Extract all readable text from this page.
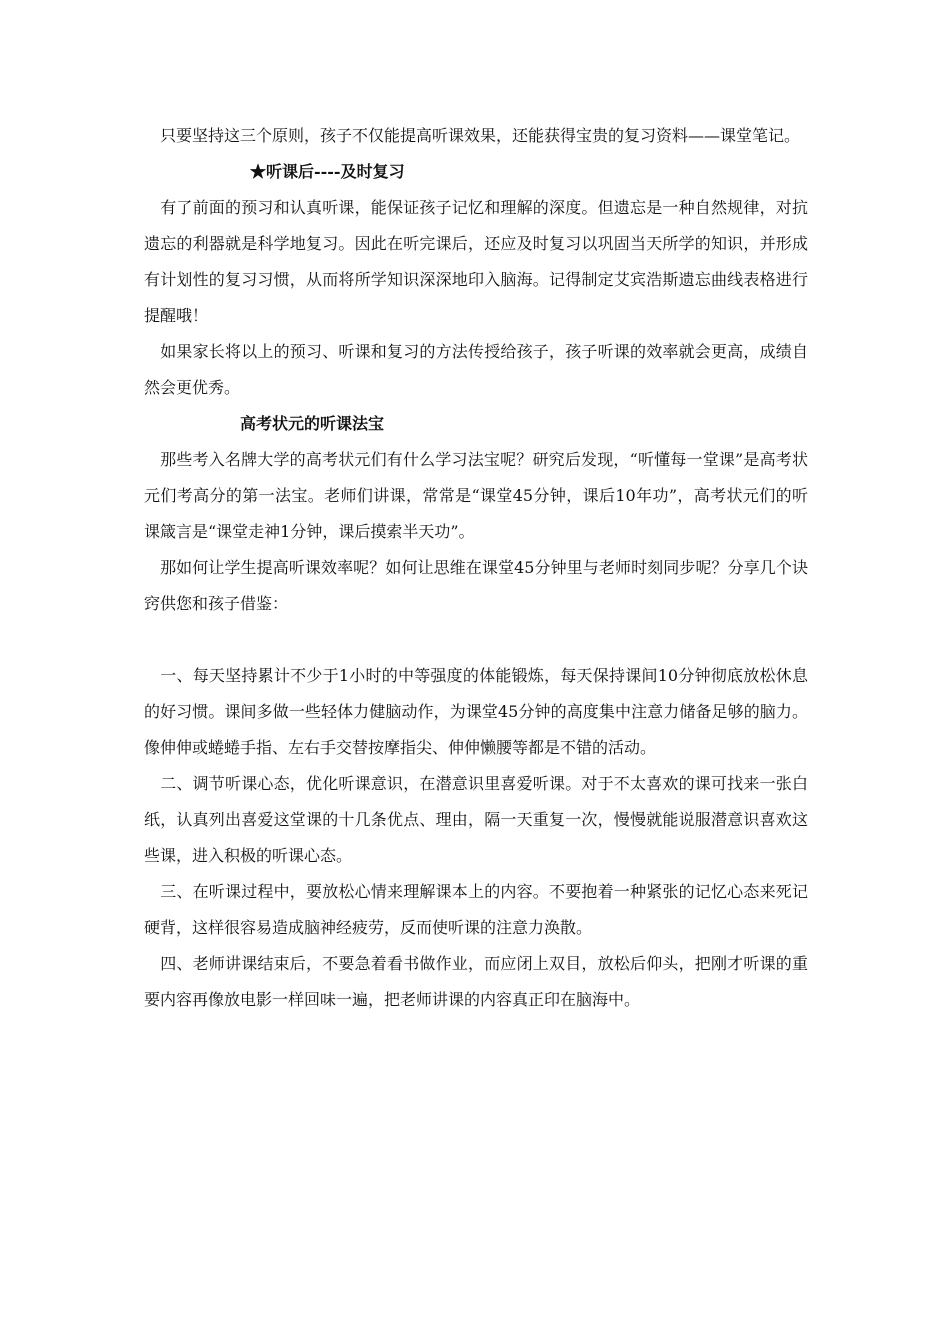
　只要坚持这三个原则，孩子不仅能提高听课效果，还能获得宝贵的复习资料——课堂笔记。

★听课后----及时复习

　有了前面的预习和认真听课，能保证孩子记忆和理解的深度。但遗忘是一种自然规律，对抗遗忘的利器就是科学地复习。因此在听完课后，还应及时复习以巩固当天所学的知识，并形成有计划性的复习习惯，从而将所学知识深深地印入脑海。记得制定艾宾浩斯遗忘曲线表格进行提醒哦！

　如果家长将以上的预习、听课和复习的方法传授给孩子，孩子听课的效率就会更高，成绩自然会更优秀。

高考状元的听课法宝

　那些考入名牌大学的高考状元们有什么学习法宝呢？研究后发现，“听懂每一堂课”是高考状元们考高分的第一法宝。老师们讲课，常常是“课堂45分钟，课后10年功”，高考状元们的听课箴言是“课堂走神1分钟，课后摸索半天功”。

　那如何让学生提高听课效率呢？如何让思维在课堂45分钟里与老师时刻同步呢？分享几个诀窍供您和孩子借鉴：

　一、每天坚持累计不少于1小时的中等强度的体能锻炼，每天保持课间10分钟彻底放松休息的好习惯。课间多做一些轻体力健脑动作，为课堂45分钟的高度集中注意力储备足够的脑力。像伸伸或蜷蜷手指、左右手交替按摩指尖、伸伸懒腰等都是不错的活动。

　二、调节听课心态，优化听课意识，在潜意识里喜爱听课。对于不太喜欢的课可找来一张白纸，认真列出喜爱这堂课的十几条优点、理由，隔一天重复一次，慢慢就能说服潜意识喜欢这些课，进入积极的听课心态。

　三、在听课过程中，要放松心情来理解课本上的内容。不要抱着一种紧张的记忆心态来死记硬背，这样很容易造成脑神经疲劳，反而使听课的注意力涣散。

　四、老师讲课结束后，不要急着看书做作业，而应闭上双目，放松后仰头，把刚才听课的重要内容再像放电影一样回味一遍，把老师讲课的内容真正印在脑海中。
